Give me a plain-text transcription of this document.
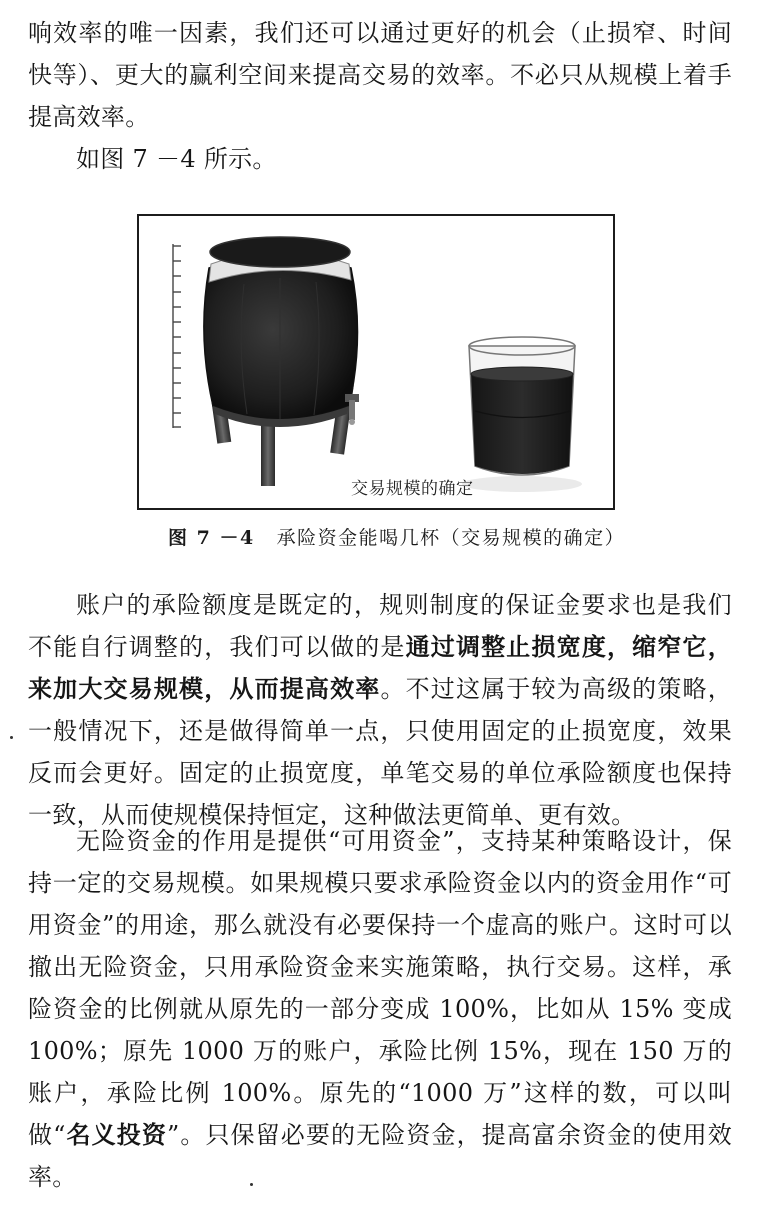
响效率的唯一因素，我们还可以通过更好的机会（止损窄、时间快等）、更大的赢利空间来提高交易的效率。不必只从规模上着手提高效率。

如图 7 －4 所示。

交易规模的确定
图 7 －4 承险资金能喝几杯（交易规模的确定）

账户的承险额度是既定的，规则制度的保证金要求也是我们不能自行调整的，我们可以做的是通过调整止损宽度，缩窄它，来加大交易规模，从而提高效率。不过这属于较为高级的策略，一般情况下，还是做得简单一点，只使用固定的止损宽度，效果反而会更好。固定的止损宽度，单笔交易的单位承险额度也保持一致，从而使规模保持恒定，这种做法更简单、更有效。

无险资金的作用是提供“可用资金”，支持某种策略设计，保持一定的交易规模。如果规模只要求承险资金以内的资金用作“可用资金”的用途，那么就没有必要保持一个虚高的账户。这时可以撤出无险资金，只用承险资金来实施策略，执行交易。这样，承险资金的比例就从原先的一部分变成 100%，比如从 15% 变成 100%；原先 1000 万的账户，承险比例 15%，现在 150 万的账户，承险比例 100%。原先的“1000 万”这样的数，可以叫做“名义投资”。只保留必要的无险资金，提高富余资金的使用效率。
